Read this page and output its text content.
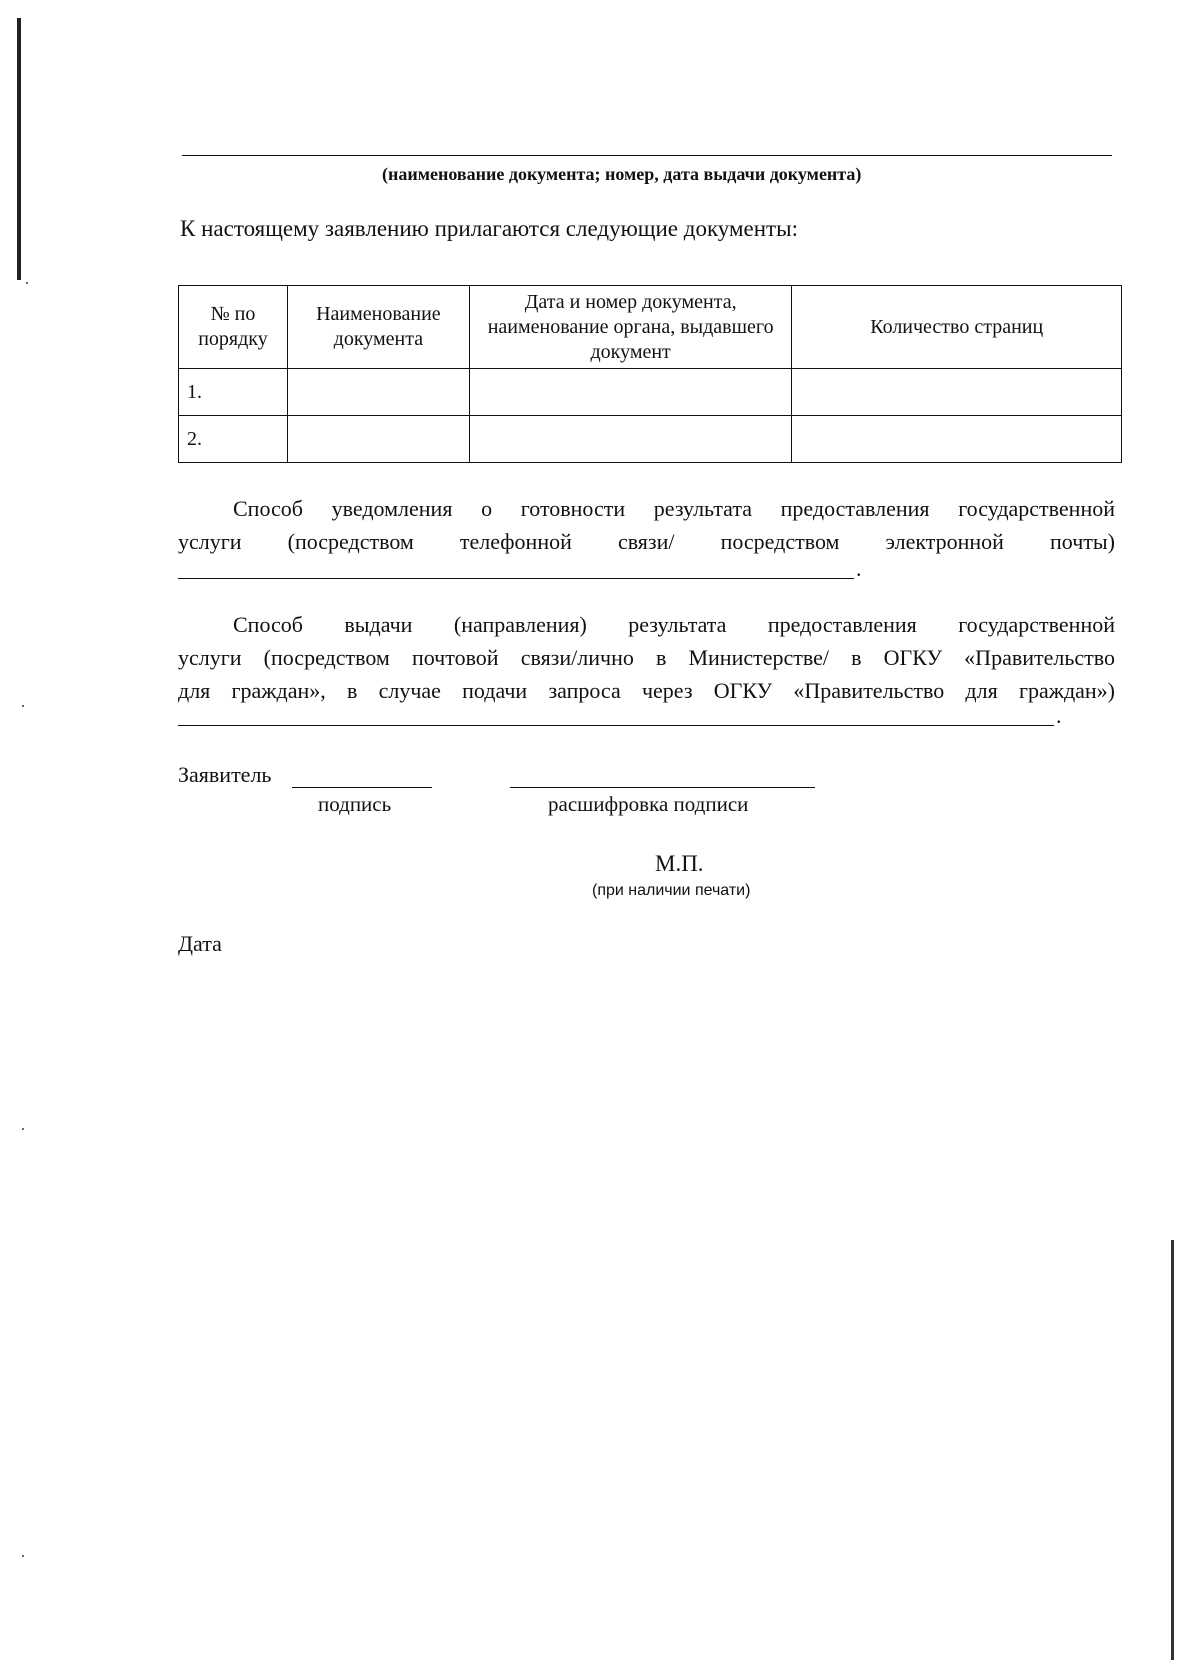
(наименование документа; номер, дата выдачи документа)
К настоящему заявлению прилагаются следующие документы:
№ по порядку	Наименование документа	Дата и номер документа, наименование органа, выдавшего документ	Количество страниц
1.			
2.			
Способ уведомления о готовности результата предоставления государственной
услуги (посредством телефонной связи/ посредством электронной почты)
.
Способ выдачи (направления) результата предоставления государственной
услуги (посредством почтовой связи/лично в Министерстве/ в ОГКУ «Правительство
для граждан», в случае подачи запроса через ОГКУ «Правительство для граждан»)
.
Заявитель
подпись	расшифровка подписи
М.П.
(при наличии печати)
Дата
